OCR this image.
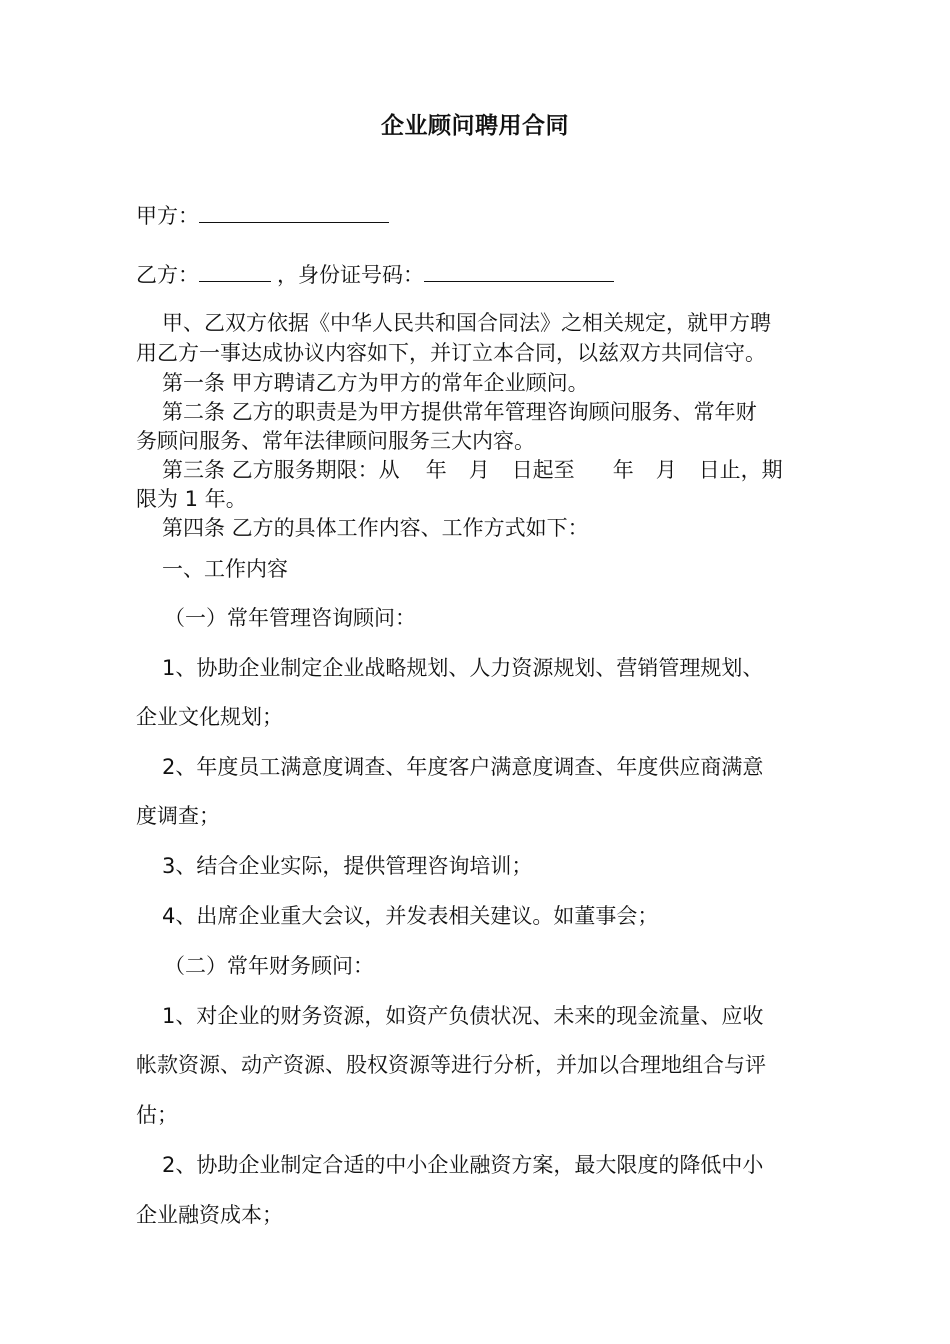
企业顾问聘用合同
甲方：
乙方：	，身份证号码：
甲、乙双方依据《中华人民共和国合同法》之相关规定，就甲方聘
用乙方一事达成协议内容如下，并订立本合同，以兹双方共同信守。
第一条 甲方聘请乙方为甲方的常年企业顾问。
第二条 乙方的职责是为甲方提供常年管理咨询顾问服务、常年财
务顾问服务、常年法律顾问服务三大内容。
第三条 乙方服务期限：从 年 月 日起至 年 月 日止，期
限为 1 年。
第四条 乙方的具体工作内容、工作方式如下：
一、工作内容
（一）常年管理咨询顾问：
1、协助企业制定企业战略规划、人力资源规划、营销管理规划、
企业文化规划；
2、年度员工满意度调查、年度客户满意度调查、年度供应商满意
度调查；
3、结合企业实际，提供管理咨询培训；
4、出席企业重大会议，并发表相关建议。如董事会；
（二）常年财务顾问：
1、对企业的财务资源，如资产负债状况、未来的现金流量、应收
帐款资源、动产资源、股权资源等进行分析，并加以合理地组合与评
估；
2、协助企业制定合适的中小企业融资方案，最大限度的降低中小
企业融资成本；
